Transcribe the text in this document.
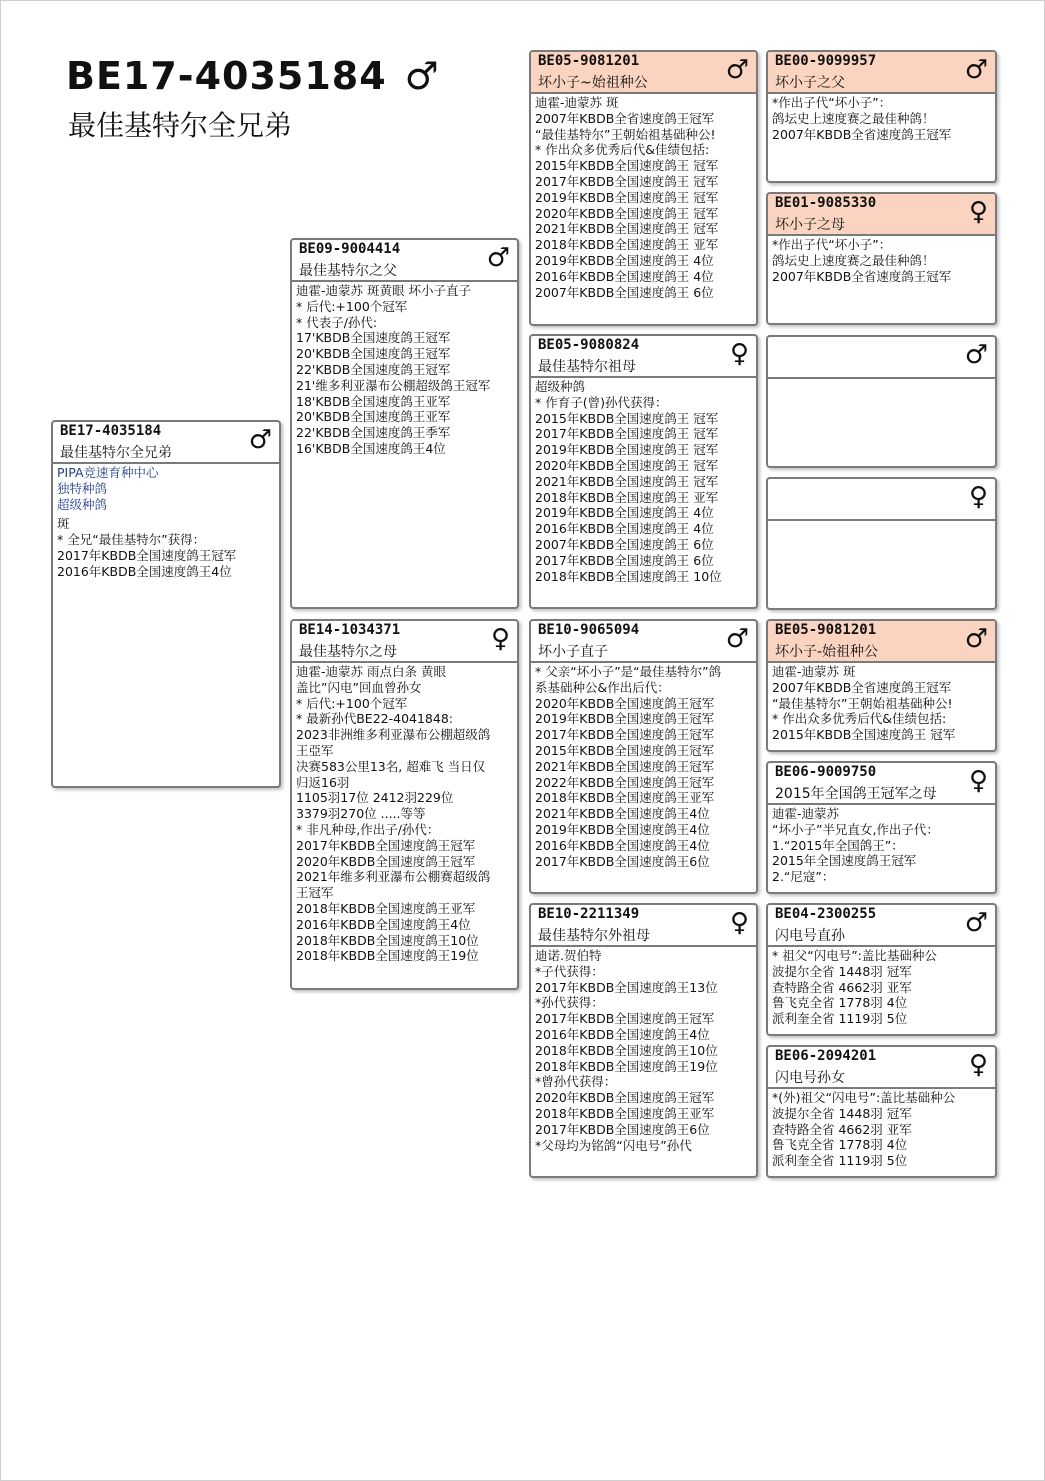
BE17-4035184 ♂
最佳基特尔全兄弟
BE17-4035184
最佳基特尔全兄弟	♂
PIPA竞速育种中心
独特种鸽
超级种鸽
斑
* 全兄“最佳基特尔”获得：
2017年KBDB全国速度鸽王冠军
2016年KBDB全国速度鸽王4位
BE09-9004414
最佳基特尔之父	♂
迪霍-迪蒙苏 斑黄眼 坏小子直子
* 后代:+100个冠军
* 代表子/孙代:
17'KBDB全国速度鸽王冠军
20'KBDB全国速度鸽王冠军
22'KBDB全国速度鸽王冠军
21'维多利亚瀑布公棚超级鸽王冠军
18'KBDB全国速度鸽王亚军
20'KBDB全国速度鸽王亚军
22'KBDB全国速度鸽王季军
16'KBDB全国速度鸽王4位
BE14-1034371
最佳基特尔之母	♀
迪霍-迪蒙苏 雨点白条 黄眼
盖比”闪电”回血曾孙女
* 后代:+100个冠军
* 最新孙代BE22-4041848:
2023非洲维多利亚瀑布公棚超级鸽
王亞军
决赛583公里13名, 超难飞 当日仅
归返16羽
1105羽17位 2412羽229位
3379羽270位 .....等等
* 非凡种母,作出子/孙代：
2017年KBDB全国速度鸽王冠军
2020年KBDB全国速度鸽王冠军
2021年维多利亚瀑布公棚赛超级鸽
王冠军
2018年KBDB全国速度鸽王亚军
2016年KBDB全国速度鸽王4位
2018年KBDB全国速度鸽王10位
2018年KBDB全国速度鸽王19位
BE05-9081201
坏小子~始祖种公	♂
迪霍-迪蒙苏 斑
2007年KBDB全省速度鸽王冠军
“最佳基特尔”王朝始祖基础种公!
* 作出众多优秀后代&佳绩包括:
2015年KBDB全国速度鸽王 冠军
2017年KBDB全国速度鸽王 冠军
2019年KBDB全国速度鸽王 冠军
2020年KBDB全国速度鸽王 冠军
2021年KBDB全国速度鸽王 冠军
2018年KBDB全国速度鸽王 亚军
2019年KBDB全国速度鸽王 4位
2016年KBDB全国速度鸽王 4位
2007年KBDB全国速度鸽王 6位
BE05-9080824
最佳基特尔祖母	♀
超级种鸽
* 作育子(曾)孙代获得：
2015年KBDB全国速度鸽王 冠军
2017年KBDB全国速度鸽王 冠军
2019年KBDB全国速度鸽王 冠军
2020年KBDB全国速度鸽王 冠军
2021年KBDB全国速度鸽王 冠军
2018年KBDB全国速度鸽王 亚军
2019年KBDB全国速度鸽王 4位
2016年KBDB全国速度鸽王 4位
2007年KBDB全国速度鸽王 6位
2017年KBDB全国速度鸽王 6位
2018年KBDB全国速度鸽王 10位
BE10-9065094
坏小子直子	♂
* 父亲“坏小子”是“最佳基特尔”鸽
系基础种公&作出后代：
2020年KBDB全国速度鸽王冠军
2019年KBDB全国速度鸽王冠军
2017年KBDB全国速度鸽王冠军
2015年KBDB全国速度鸽王冠军
2021年KBDB全国速度鸽王冠军
2022年KBDB全国速度鸽王冠军
2018年KBDB全国速度鸽王亚军
2021年KBDB全国速度鸽王4位
2019年KBDB全国速度鸽王4位
2016年KBDB全国速度鸽王4位
2017年KBDB全国速度鸽王6位
BE10-2211349
最佳基特尔外祖母	♀
迪诺.贺伯特
*子代获得：
2017年KBDB全国速度鸽王13位
*孙代获得：
2017年KBDB全国速度鸽王冠军
2016年KBDB全国速度鸽王4位
2018年KBDB全国速度鸽王10位
2018年KBDB全国速度鸽王19位
*曾孙代获得：
2020年KBDB全国速度鸽王冠军
2018年KBDB全国速度鸽王亚军
2017年KBDB全国速度鸽王6位
*父母均为铭鸽“闪电号”孙代
BE00-9099957
坏小子之父	♂
*作出子代“坏小子”：
鸽坛史上速度赛之最佳种鸽！
2007年KBDB全省速度鸽王冠军
BE01-9085330
坏小子之母	♀
*作出子代“坏小子”：
鸽坛史上速度赛之最佳种鸽！
2007年KBDB全省速度鸽王冠军
♂
♀
BE05-9081201
坏小子-始祖种公	♂
迪霍-迪蒙苏 斑
2007年KBDB全省速度鸽王冠军
“最佳基特尔”王朝始祖基础种公!
* 作出众多优秀后代&佳绩包括:
2015年KBDB全国速度鸽王 冠军
BE06-9009750
2015年全国鸽王冠军之母 ♀
迪霍-迪蒙苏
“坏小子”半兄直女,作出子代：
1.“2015年全国鸽王”：
2015年全国速度鸽王冠军
2.“尼寇”：
BE04-2300255
闪电号直孙	♂
* 祖父“闪电号”:盖比基础种公
波提尔全省 1448羽 冠军
查特路全省 4662羽 亚军
鲁飞克全省 1778羽 4位
派利奎全省 1119羽 5位
BE06-2094201
闪电号孙女	♀
*(外)祖父“闪电号”:盖比基础种公
波提尔全省 1448羽 冠军
查特路全省 4662羽 亚军
鲁飞克全省 1778羽 4位
派利奎全省 1119羽 5位
